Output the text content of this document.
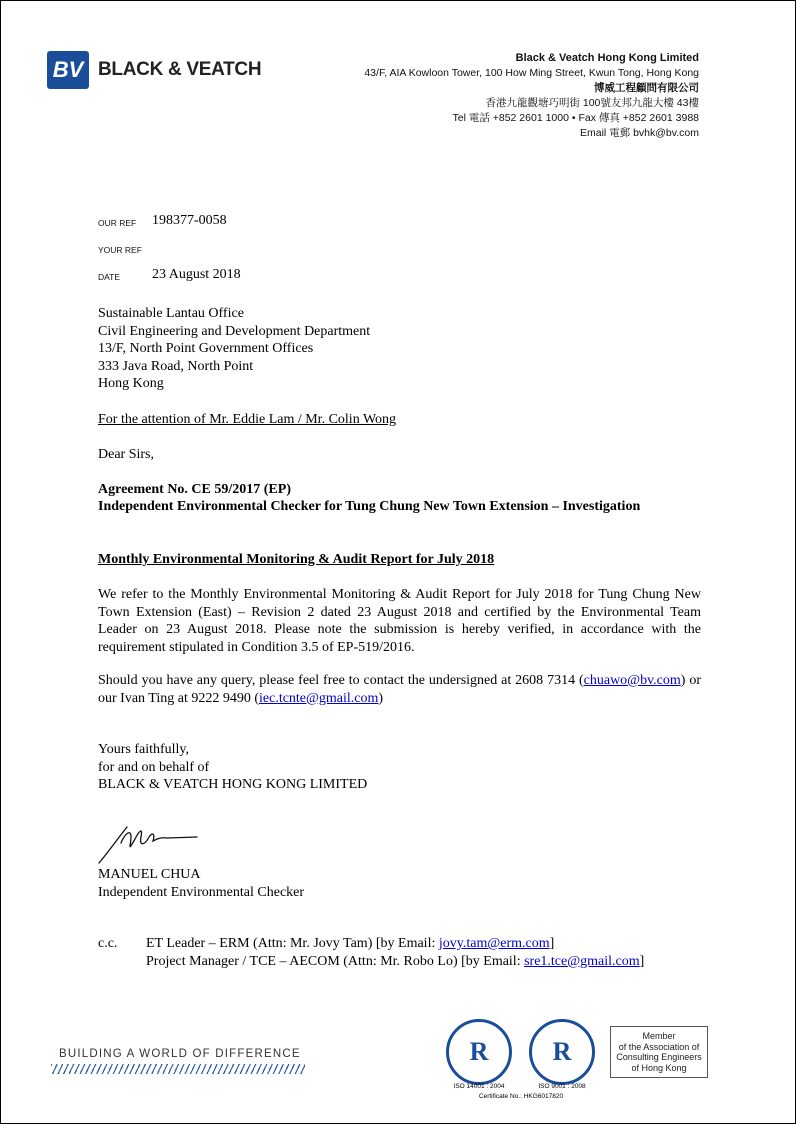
BV BLACK & VEATCH
Black & Veatch Hong Kong Limited
43/F, AIA Kowloon Tower, 100 How Ming Street, Kwun Tong, Hong Kong
博威工程顧問有限公司
香港九龍觀塘巧明街 100號友邦九龍大樓 43樓
Tel 電話 +852 2601 1000 • Fax 傳真 +852 2601 3988
Email 電郵 bvhk@bv.com
OUR REF 198377-0058
YOUR REF
DATE 23 August 2018
Sustainable Lantau Office
Civil Engineering and Development Department
13/F, North Point Government Offices
333 Java Road, North Point
Hong Kong
For the attention of Mr. Eddie Lam / Mr. Colin Wong
Dear Sirs,
Agreement No. CE 59/2017 (EP)
Independent Environmental Checker for Tung Chung New Town Extension – Investigation
Monthly Environmental Monitoring & Audit Report for July 2018
We refer to the Monthly Environmental Monitoring & Audit Report for July 2018 for Tung Chung New Town Extension (East) – Revision 2 dated 23 August 2018 and certified by the Environmental Team Leader on 23 August 2018. Please note the submission is hereby verified, in accordance with the requirement stipulated in Condition 3.5 of EP-519/2016.
Should you have any query, please feel free to contact the undersigned at 2608 7314 (chuawo@bv.com) or our Ivan Ting at 9222 9490 (iec.tcnte@gmail.com)
Yours faithfully,
for and on behalf of
BLACK & VEATCH HONG KONG LIMITED
MANUEL CHUA
Independent Environmental Checker
c.c.	ET Leader – ERM (Attn: Mr. Jovy Tam) [by Email: jovy.tam@erm.com]
Project Manager / TCE – AECOM (Attn: Mr. Robo Lo) [by Email: sre1.tce@gmail.com]
BUILDING A WORLD OF DIFFERENCE	R	R
ISO 14001 : 2004	ISO 9001 : 2008
Certificate No.: HKG6017820
Member
of the Association of
Consulting Engineers
of Hong Kong
